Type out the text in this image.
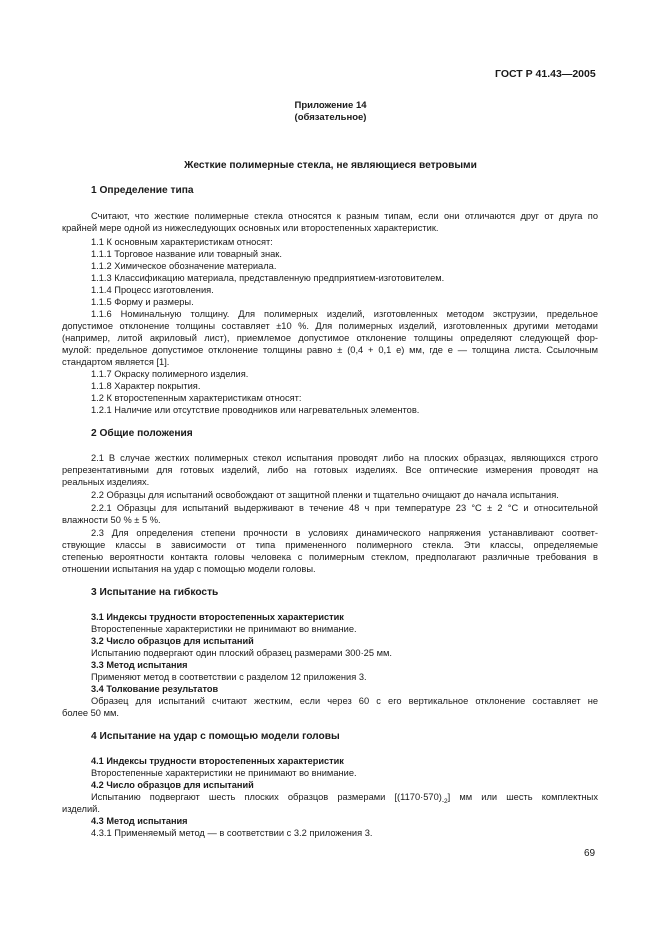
ГОСТ Р 41.43—2005
Приложение 14
(обязательное)
Жесткие полимерные стекла, не являющиеся ветровыми
1 Определение типа
Считают, что жесткие полимерные стекла относятся к разным типам, если они отличаются друг от друга по
крайней мере одной из нижеследующих основных или второстепенных характеристик.
1.1 К основным характеристикам относят:
1.1.1 Торговое название или товарный знак.
1.1.2 Химическое обозначение материала.
1.1.3 Классификацию материала, представленную предприятием-изготовителем.
1.1.4 Процесс изготовления.
1.1.5 Форму и размеры.
1.1.6 Номинальную толщину. Для полимерных изделий, изготовленных методом экструзии, предельное
допустимое отклонение толщины составляет ±10 %. Для полимерных изделий, изготовленных другими методами
(например, литой акриловый лист), приемлемое допустимое отклонение толщины определяют следующей фор-
мулой: предельное допустимое отклонение толщины равно ± (0,4 + 0,1 е) мм, где е — толщина листа. Ссылочным
стандартом является [1].
1.1.7 Окраску полимерного изделия.
1.1.8 Характер покрытия.
1.2 К второстепенным характеристикам относят:
1.2.1 Наличие или отсутствие проводников или нагревательных элементов.
2 Общие положения
2.1 В случае жестких полимерных стекол испытания проводят либо на плоских образцах, являющихся строго
репрезентативными для готовых изделий, либо на готовых изделиях. Все оптические измерения проводят на
реальных изделиях.
2.2 Образцы для испытаний освобождают от защитной пленки и тщательно очищают до начала испытания.
2.2.1 Образцы для испытаний выдерживают в течение 48 ч при температуре 23 °С ± 2 °С и относительной
влажности 50 % ± 5 %.
2.3 Для определения степени прочности в условиях динамического напряжения устанавливают соответ-
ствующие классы в зависимости от типа примененного полимерного стекла. Эти классы, определяемые
степенью вероятности контакта головы человека с полимерным стеклом, предполагают различные требования в
отношении испытания на удар с помощью модели головы.
3 Испытание на гибкость
3.1 Индексы трудности второстепенных характеристик
Второстепенные характеристики не принимают во внимание.
3.2 Число образцов для испытаний
Испытанию подвергают один плоский образец размерами 300·25 мм.
3.3 Метод испытания
Применяют метод в соответствии с разделом 12 приложения 3.
3.4 Толкование результатов
Образец для испытаний считают жестким, если через 60 с его вертикальное отклонение составляет не
более 50 мм.
4 Испытание на удар с помощью модели головы
4.1 Индексы трудности второстепенных характеристик
Второстепенные характеристики не принимают во внимание.
4.2 Число образцов для испытаний
Испытанию подвергают шесть плоских образцов размерами $[(1170\cdot 570)_{-2}]$ мм или шесть комплектных
изделий.
4.3 Метод испытания
4.3.1 Применяемый метод — в соответствии с 3.2 приложения 3.
69
